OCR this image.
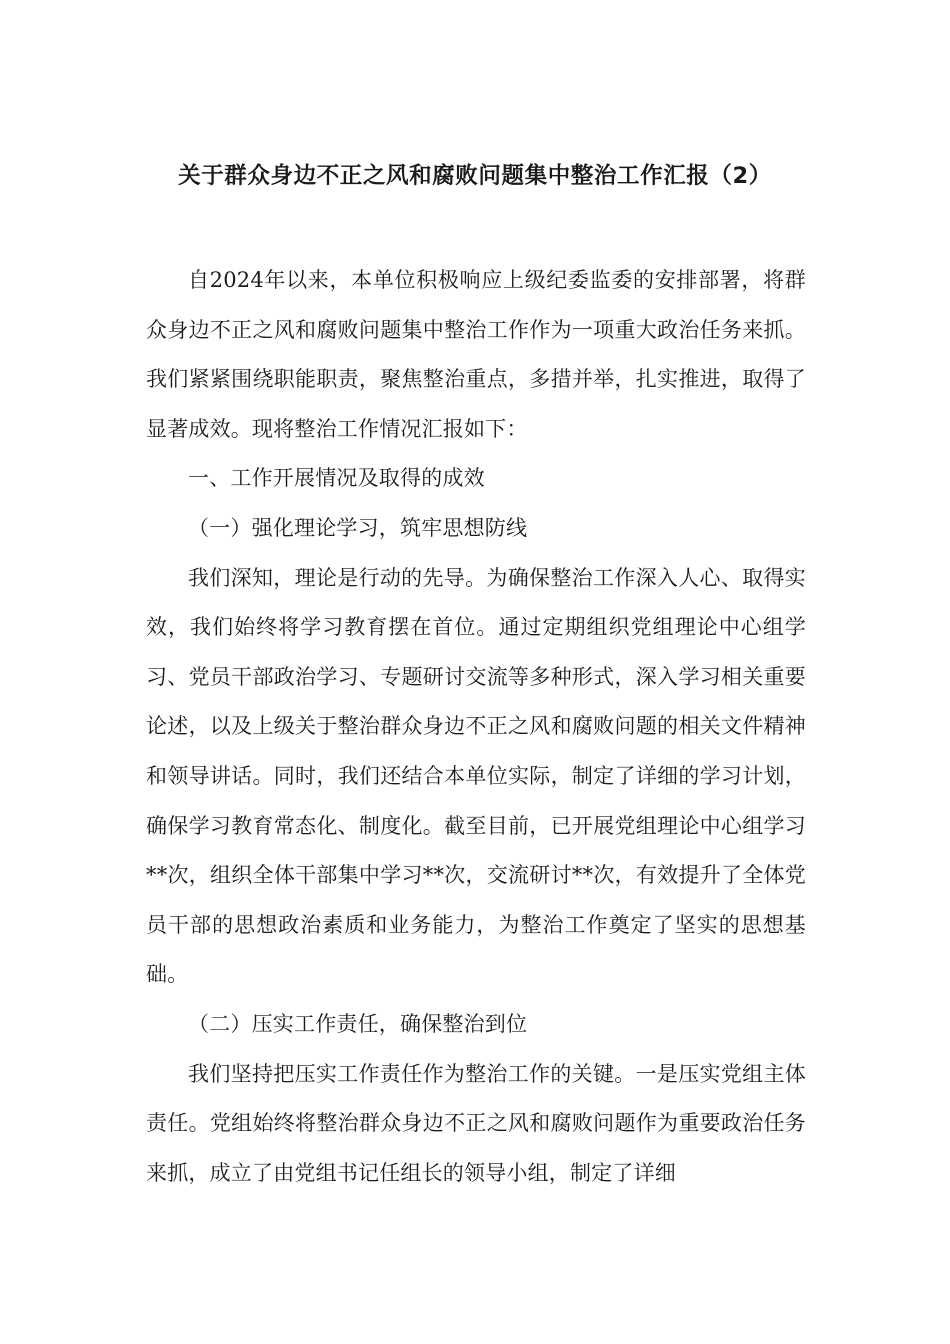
关于群众身边不正之风和腐败问题集中整治工作汇报（2）

自2024年以来，本单位积极响应上级纪委监委的安排部署，将群众身边不正之风和腐败问题集中整治工作作为一项重大政治任务来抓。我们紧紧围绕职能职责，聚焦整治重点，多措并举，扎实推进，取得了显著成效。现将整治工作情况汇报如下：

一、工作开展情况及取得的成效

（一）强化理论学习，筑牢思想防线

我们深知，理论是行动的先导。为确保整治工作深入人心、取得实效，我们始终将学习教育摆在首位。通过定期组织党组理论中心组学习、党员干部政治学习、专题研讨交流等多种形式，深入学习相关重要论述，以及上级关于整治群众身边不正之风和腐败问题的相关文件精神和领导讲话。同时，我们还结合本单位实际，制定了详细的学习计划，确保学习教育常态化、制度化。截至目前，已开展党组理论中心组学习**次，组织全体干部集中学习**次，交流研讨**次，有效提升了全体党员干部的思想政治素质和业务能力，为整治工作奠定了坚实的思想基础。

（二）压实工作责任，确保整治到位

我们坚持把压实工作责任作为整治工作的关键。一是压实党组主体责任。党组始终将整治群众身边不正之风和腐败问题作为重要政治任务来抓，成立了由党组书记任组长的领导小组，制定了详细
